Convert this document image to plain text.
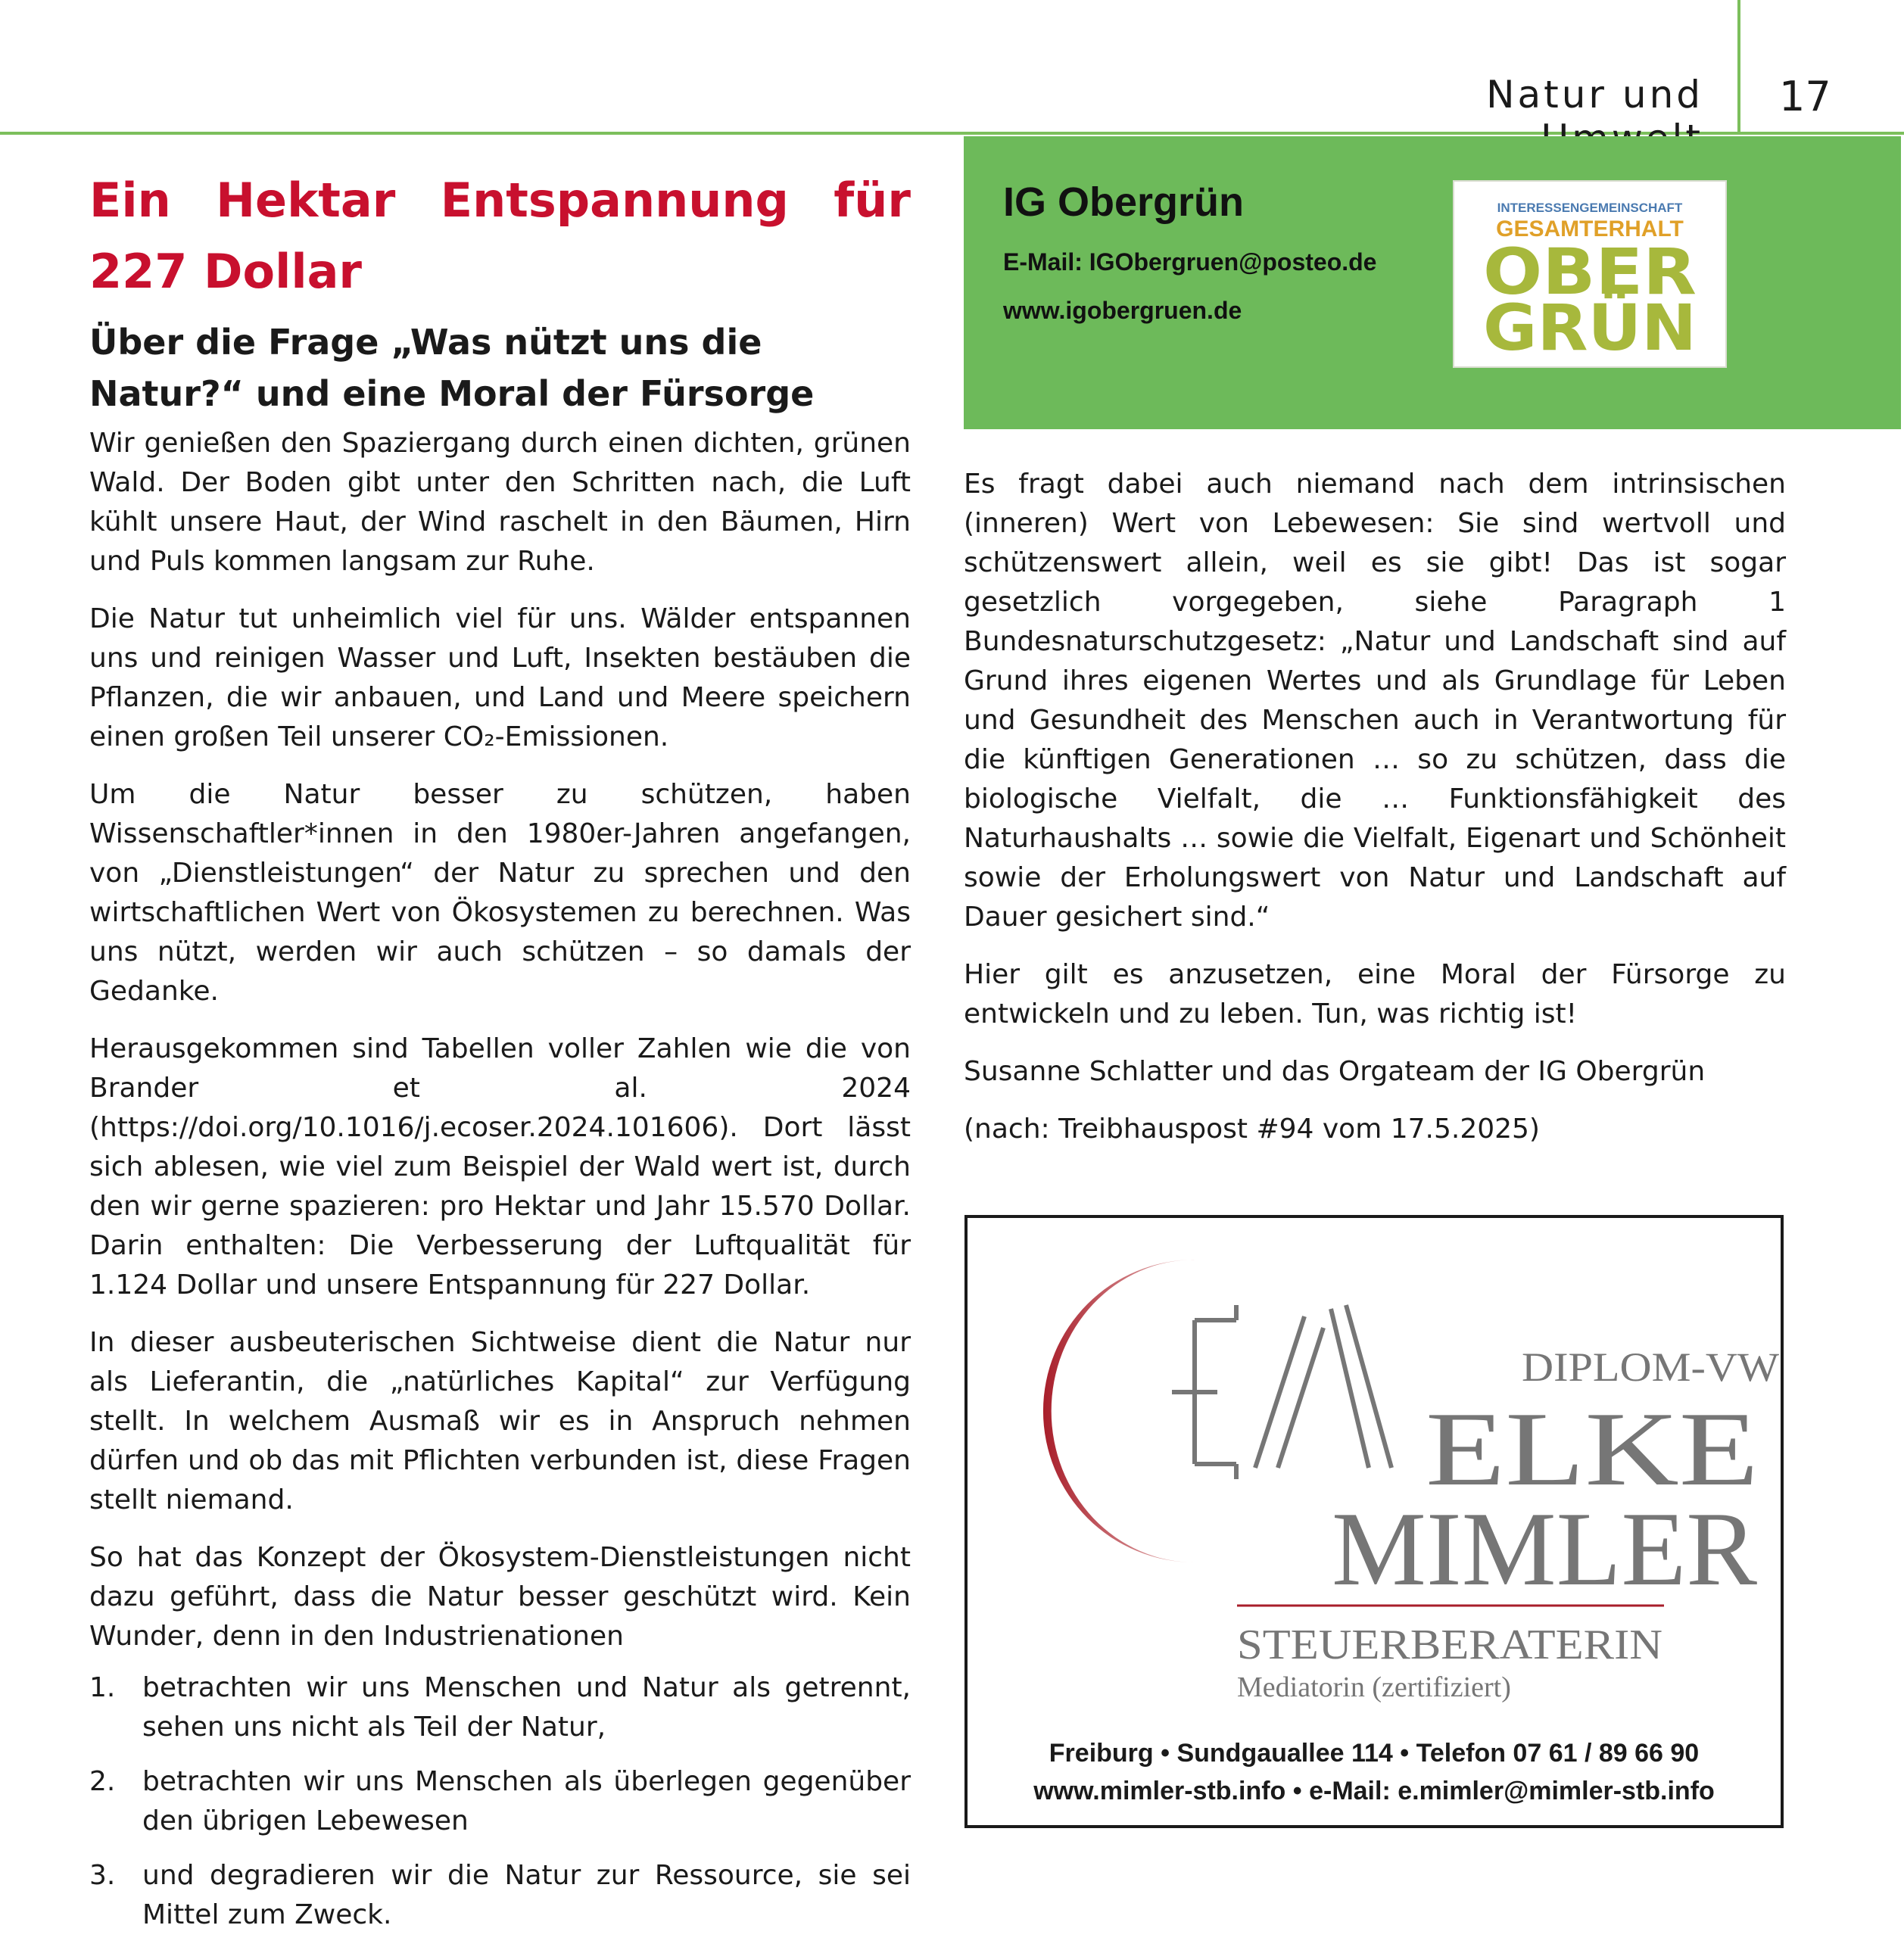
Natur und 17
Ein Hektar Entspannung für 227 Dollar
Über die Frage „Was nützt uns die Natur?“ und eine Moral der Fürsorge

Wir genießen den Spaziergang durch einen dichten, grünen Wald. Der Boden gibt unter den Schritten nach, die Luft kühlt unsere Haut, der Wind raschelt in den Bäumen, Hirn und Puls kommen langsam zur Ruhe.

Die Natur tut unheimlich viel für uns. Wälder entspannen uns und reinigen Wasser und Luft, Insekten bestäuben die Pflanzen, die wir anbauen, und Land und Meere speichern einen großen Teil unserer CO₂-Emissionen.

Um die Natur besser zu schützen, haben Wissenschaftler*innen in den 1980er-Jahren angefangen, von „Dienstleistungen“ der Natur zu sprechen und den wirtschaftlichen Wert von Ökosystemen zu berechnen. Was uns nützt, werden wir auch schützen – so damals der Gedanke.

Herausgekommen sind Tabellen voller Zahlen wie die von Brander et al. 2024 (https://doi.org/10.1016/j.ecoser.2024.101606). Dort lässt sich ablesen, wie viel zum Beispiel der Wald wert ist, durch den wir gerne spazieren: pro Hektar und Jahr 15.570 Dollar. Darin enthalten: Die Verbesserung der Luftqualität für 1.124 Dollar und unsere Entspannung für 227 Dollar.

In dieser ausbeuterischen Sichtweise dient die Natur nur als Lieferantin, die „natürliches Kapital“ zur Verfügung stellt. In welchem Ausmaß wir es in Anspruch nehmen dürfen und ob das mit Pflichten verbunden ist, diese Fragen stellt niemand.

So hat das Konzept der Ökosystem-Dienstleistungen nicht dazu geführt, dass die Natur besser geschützt wird. Kein Wunder, denn in den Industrienationen

1. betrachten wir uns Menschen und Natur als getrennt, sehen uns nicht als Teil der Natur,
2. betrachten wir uns Menschen als überlegen gegenüber den übrigen Lebewesen
3. und degradieren wir die Natur zur Ressource, sie sei Mittel zum Zweck.
IG Obergrün
E-Mail: IGObergruen@posteo.de
www.igobergruen.de
INTERESSENGEMEINSCHAFT
GESAMTERHALT
OBER
GRÜN

Es fragt dabei auch niemand nach dem intrinsischen (inneren) Wert von Lebewesen: Sie sind wertvoll und schützenswert allein, weil es sie gibt! Das ist sogar gesetzlich vorgegeben, siehe Paragraph 1 Bundesnaturschutzgesetz: „Natur und Landschaft sind auf Grund ihres eigenen Wertes und als Grundlage für Leben und Gesundheit des Menschen auch in Verantwortung für die künftigen Generationen … so zu schützen, dass die biologische Vielfalt, die … Funktionsfähigkeit des Naturhaushalts … sowie die Vielfalt, Eigenart und Schönheit sowie der Erholungswert von Natur und Landschaft auf Dauer gesichert sind.“

Hier gilt es anzusetzen, eine Moral der Fürsorge zu entwickeln und zu leben. Tun, was richtig ist!

Susanne Schlatter und das Orgateam der IG Obergrün

(nach: Treibhauspost #94 vom 17.5.2025)

DIPLOM-VW
ELKE
MIMLER
STEUERBERATERIN
Mediatorin (zertifiziert)
Freiburg • Sundgauallee 114 • Telefon 07 61 / 89 66 90
www.mimler-stb.info • e-Mail: e.mimler@mimler-stb.info
